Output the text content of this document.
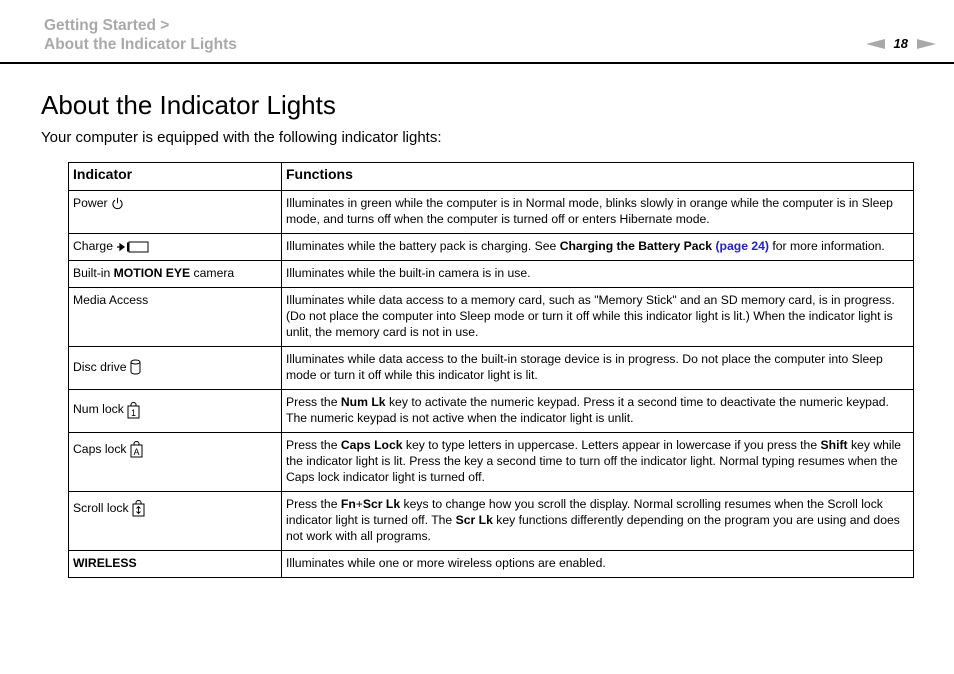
Getting Started >
About the Indicator Lights	18
About the Indicator Lights
Your computer is equipped with the following indicator lights:
Indicator	Functions
Power	Illuminates in green while the computer is in Normal mode, blinks slowly in orange while the computer is in Sleep mode, and turns off when the computer is turned off or enters Hibernate mode.
Charge	Illuminates while the battery pack is charging. See Charging the Battery Pack (page 24) for more information.
Built-in MOTION EYE camera	Illuminates while the built-in camera is in use.
Media Access	Illuminates while data access to a memory card, such as "Memory Stick" and an SD memory card, is in progress. (Do not place the computer into Sleep mode or turn it off while this indicator light is lit.) When the indicator light is unlit, the memory card is not in use.
Disc drive	Illuminates while data access to the built-in storage device is in progress. Do not place the computer into Sleep mode or turn it off while this indicator light is lit.
Num lock 1	Press the Num Lk key to activate the numeric keypad. Press it a second time to deactivate the numeric keypad. The numeric keypad is not active when the indicator light is unlit.
Caps lock A	Press the Caps Lock key to type letters in uppercase. Letters appear in lowercase if you press the Shift key while the indicator light is lit. Press the key a second time to turn off the indicator light. Normal typing resumes when the Caps lock indicator light is turned off.
Scroll lock	Press the Fn+Scr Lk keys to change how you scroll the display. Normal scrolling resumes when the Scroll lock indicator light is turned off. The Scr Lk key functions differently depending on the program you are using and does not work with all programs.
WIRELESS	Illuminates while one or more wireless options are enabled.
